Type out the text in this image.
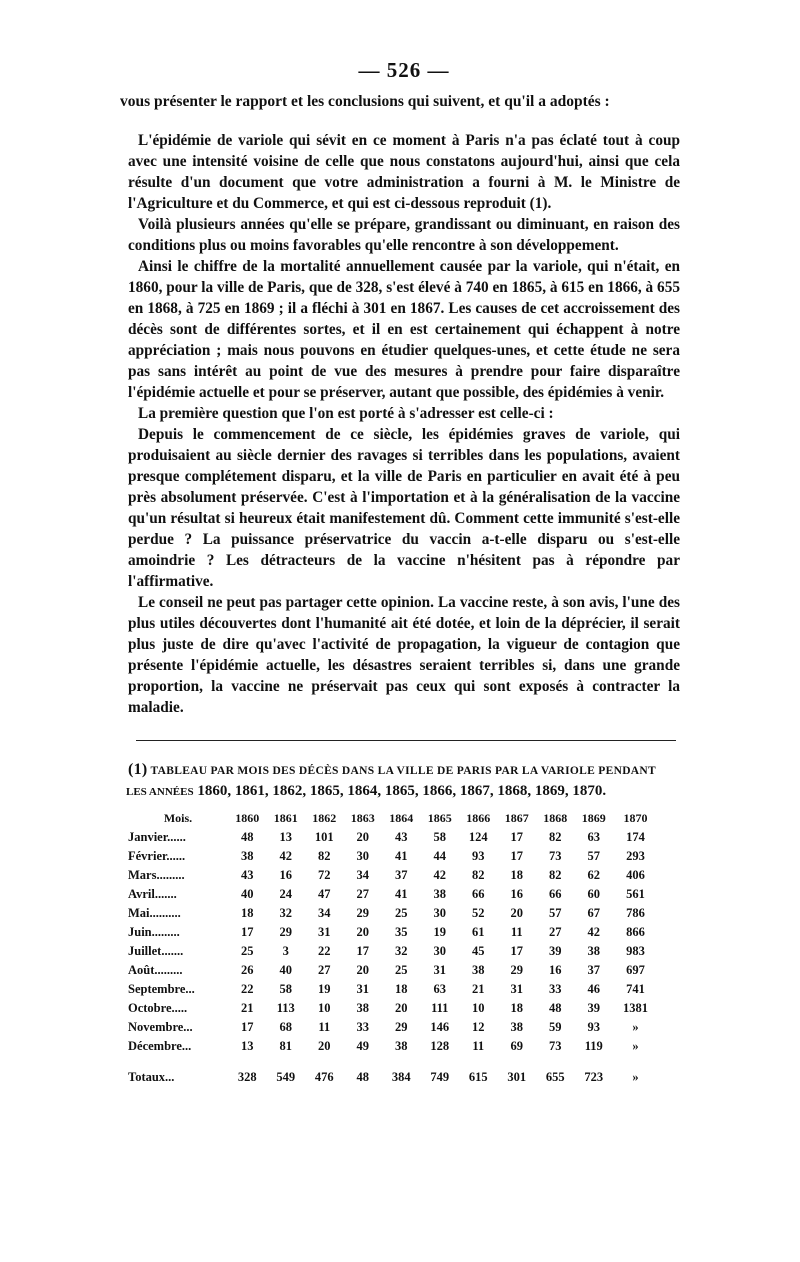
— 526 —
vous présenter le rapport et les conclusions qui suivent, et qu'il a adoptés :

L'épidémie de variole qui sévit en ce moment à Paris n'a pas éclaté tout à coup avec une intensité voisine de celle que nous constatons aujourd'hui, ainsi que cela résulte d'un document que votre administration a fourni à M. le Ministre de l'Agriculture et du Commerce, et qui est ci-dessous reproduit (1).

Voilà plusieurs années qu'elle se prépare, grandissant ou diminuant, en raison des conditions plus ou moins favorables qu'elle rencontre à son développement.

Ainsi le chiffre de la mortalité annuellement causée par la variole, qui n'était, en 1860, pour la ville de Paris, que de 328, s'est élevé à 740 en 1865, à 615 en 1866, à 655 en 1868, à 725 en 1869 ; il a fléchi à 301 en 1867. Les causes de cet accroissement des décès sont de différentes sortes, et il en est certainement qui échappent à notre appréciation ; mais nous pouvons en étudier quelques-unes, et cette étude ne sera pas sans intérêt au point de vue des mesures à prendre pour faire disparaître l'épidémie actuelle et pour se préserver, autant que possible, des épidémies à venir.

La première question que l'on est porté à s'adresser est celle-ci :

Depuis le commencement de ce siècle, les épidémies graves de variole, qui produisaient au siècle dernier des ravages si terribles dans les populations, avaient presque complétement disparu, et la ville de Paris en particulier en avait été à peu près absolument préservée. C'est à l'importation et à la généralisation de la vaccine qu'un résultat si heureux était manifestement dû. Comment cette immunité s'est-elle perdue ? La puissance préservatrice du vaccin a-t-elle disparu ou s'est-elle amoindrie ? Les détracteurs de la vaccine n'hésitent pas à répondre par l'affirmative.

Le conseil ne peut pas partager cette opinion. La vaccine reste, à son avis, l'une des plus utiles découvertes dont l'humanité ait été dotée, et loin de la déprécier, il serait plus juste de dire qu'avec l'activité de propagation, la vigueur de contagion que présente l'épidémie actuelle, les désastres seraient terribles si, dans une grande proportion, la vaccine ne préservait pas ceux qui sont exposés à contracter la maladie.

(1) TABLEAU PAR MOIS DES DÉCÈS DANS LA VILLE DE PARIS PAR LA VARIOLE PENDANT
LES ANNÉES 1860, 1861, 1862, 1865, 1864, 1865, 1866, 1867, 1868, 1869, 1870.
Mois.	1860	1861	1862	1863	1864	1865	1866	1867	1868	1869	1870
Janvier......	48	13	101	20	43	58	124	17	82	63	174
Février......	38	42	82	30	41	44	93	17	73	57	293
Mars.........	43	16	72	34	37	42	82	18	82	62	406
Avril.......	40	24	47	27	41	38	66	16	66	60	561
Mai..........	18	32	34	29	25	30	52	20	57	67	786
Juin.........	17	29	31	20	35	19	61	11	27	42	866
Juillet.......	25	3	22	17	32	30	45	17	39	38	983
Août.........	26	40	27	20	25	31	38	29	16	37	697
Septembre...	22	58	19	31	18	63	21	31	33	46	741
Octobre.....	21	113	10	38	20	111	10	18	48	39	1381
Novembre...	17	68	11	33	29	146	12	38	59	93	»
Décembre...	13	81	20	49	38	128	11	69	73	119	»
Totaux...	328	549	476	48	384	749	615	301	655	723	»
